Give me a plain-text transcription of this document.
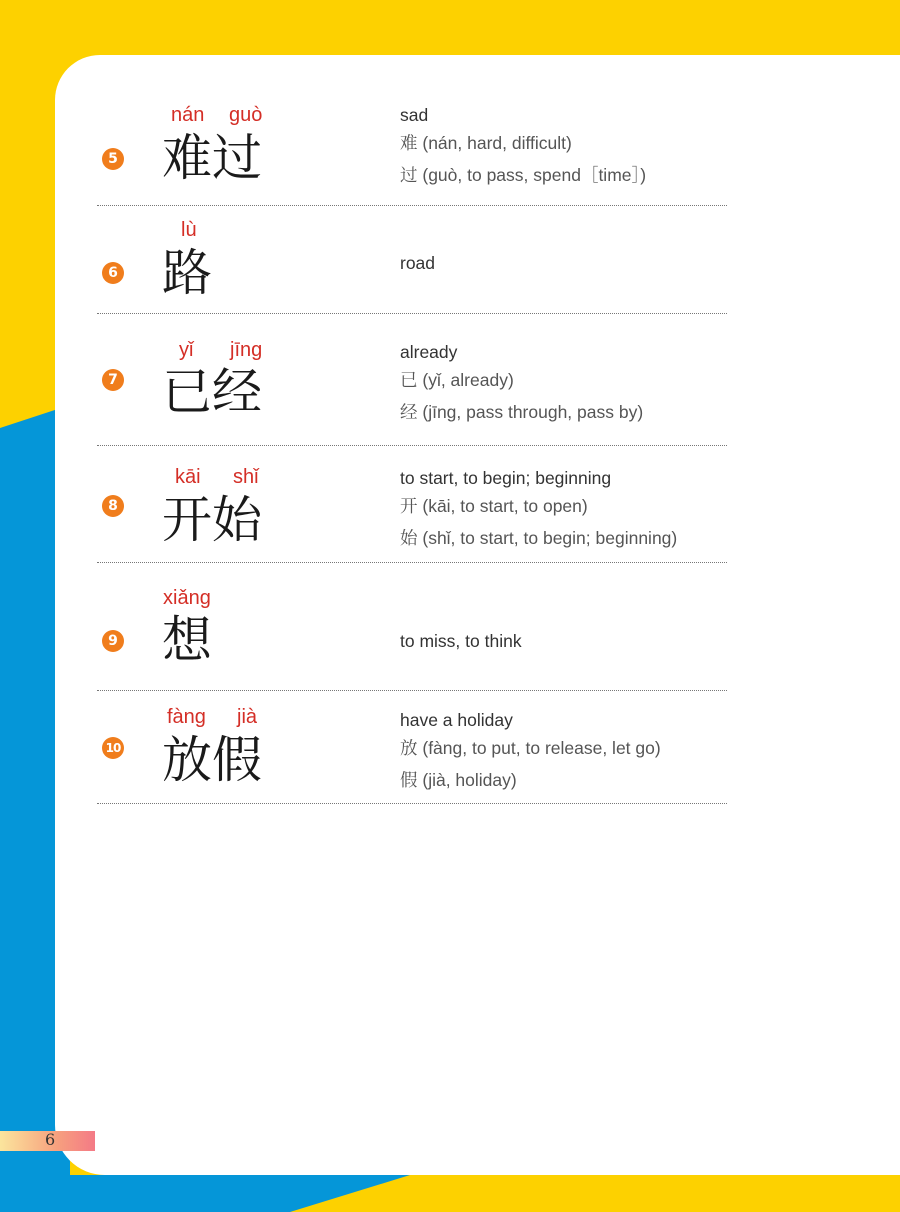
5
nán guò
难过
sad
难 (nán, hard, difficult)
过 (guò, to pass, spend［time］)
6
lù
路	road
7
yǐ jīng
已经
already
已 (yǐ, already)
经 (jīng, pass through, pass by)
8
kāi shǐ
开始
to start, to begin; beginning
开 (kāi, to start, to open)
始 (shǐ, to start, to begin; beginning)
9
xiǎng
想	to miss, to think
10
fàng jià
放假
have a holiday
放 (fàng, to put, to release, let go)
假 (jià, holiday)
6
